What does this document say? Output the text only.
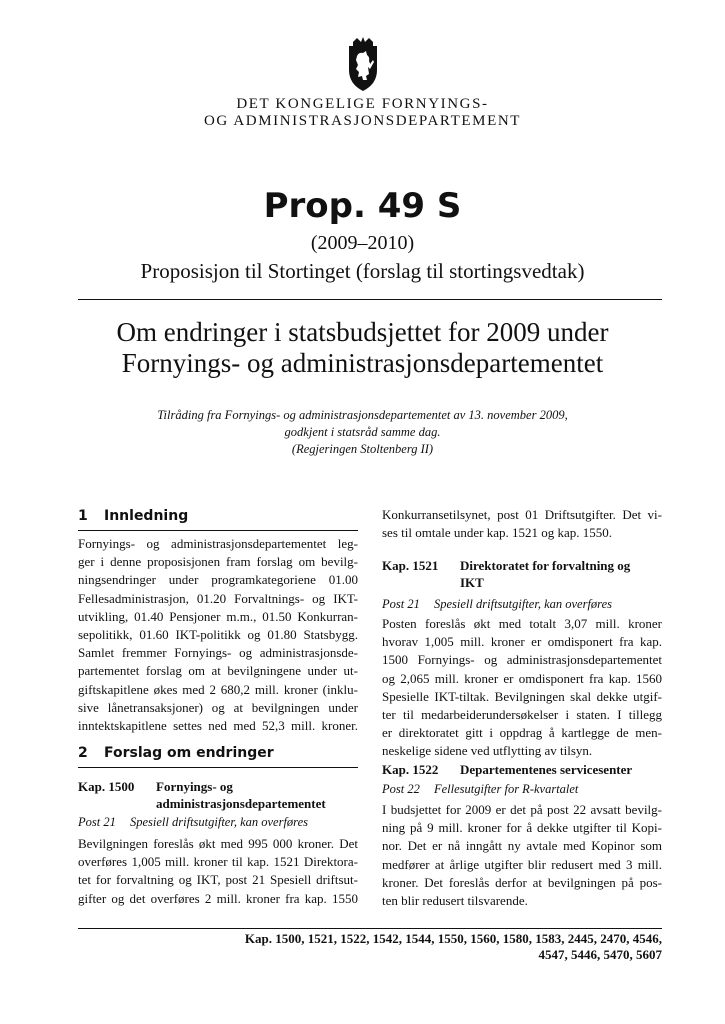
DET KONGELIGE FORNYINGS-
OG ADMINISTRASJONSDEPARTEMENT
Prop. 49 S
(2009–2010)
Proposisjon til Stortinget (forslag til stortingsvedtak)
Om endringer i statsbudsjettet for 2009 under
Fornyings- og administrasjonsdepartementet
Tilråding fra Fornyings- og administrasjonsdepartementet av 13. november 2009,
godkjent i statsråd samme dag.
(Regjeringen Stoltenberg II)
1 Innledning
Fornyings- og administrasjonsdepartementet leg-
ger i denne proposisjonen fram forslag om bevilg-
ningsendringer under programkategoriene 01.00
Fellesadministrasjon, 01.20 Forvaltnings- og IKT-
utvikling, 01.40 Pensjoner m.m., 01.50 Konkurran-
sepolitikk, 01.60 IKT-politikk og 01.80 Statsbygg.
Samlet fremmer Fornyings- og administrasjonsde-
partementet forslag om at bevilgningene under ut-
giftskapitlene økes med 2 680,2 mill. kroner (inklu-
sive lånetransaksjoner) og at bevilgningen under
inntektskapitlene settes ned med 52,3 mill. kroner.
2 Forslag om endringer
Kap. 1500 Fornyings- og
administrasjonsdepartementet
Post 21 Spesiell driftsutgifter, kan overføres
Bevilgningen foreslås økt med 995 000 kroner. Det
overføres 1,005 mill. kroner til kap. 1521 Direktora-
tet for forvaltning og IKT, post 21 Spesiell driftsut-
gifter og det overføres 2 mill. kroner fra kap. 1550
Konkurransetilsynet, post 01 Driftsutgifter. Det vi-
ses til omtale under kap. 1521 og kap. 1550.
Kap. 1521 Direktoratet for forvaltning og
IKT
Post 21 Spesiell driftsutgifter, kan overføres
Posten foreslås økt med totalt 3,07 mill. kroner
hvorav 1,005 mill. kroner er omdisponert fra kap.
1500 Fornyings- og administrasjonsdepartementet
og 2,065 mill. kroner er omdisponert fra kap. 1560
Spesielle IKT-tiltak. Bevilgningen skal dekke utgif-
ter til medarbeiderundersøkelser i staten. I tillegg
er direktoratet gitt i oppdrag å kartlegge de men-
neskelige sidene ved utflytting av tilsyn.
Kap. 1522 Departementenes servicesenter
Post 22 Fellesutgifter for R-kvartalet
I budsjettet for 2009 er det på post 22 avsatt bevilg-
ning på 9 mill. kroner for å dekke utgifter til Kopi-
nor. Det er nå inngått ny avtale med Kopinor som
medfører at årlige utgifter blir redusert med 3 mill.
kroner. Det foreslås derfor at bevilgningen på pos-
ten blir redusert tilsvarende.
Kap. 1500, 1521, 1522, 1542, 1544, 1550, 1560, 1580, 1583, 2445, 2470, 4546,
4547, 5446, 5470, 5607
